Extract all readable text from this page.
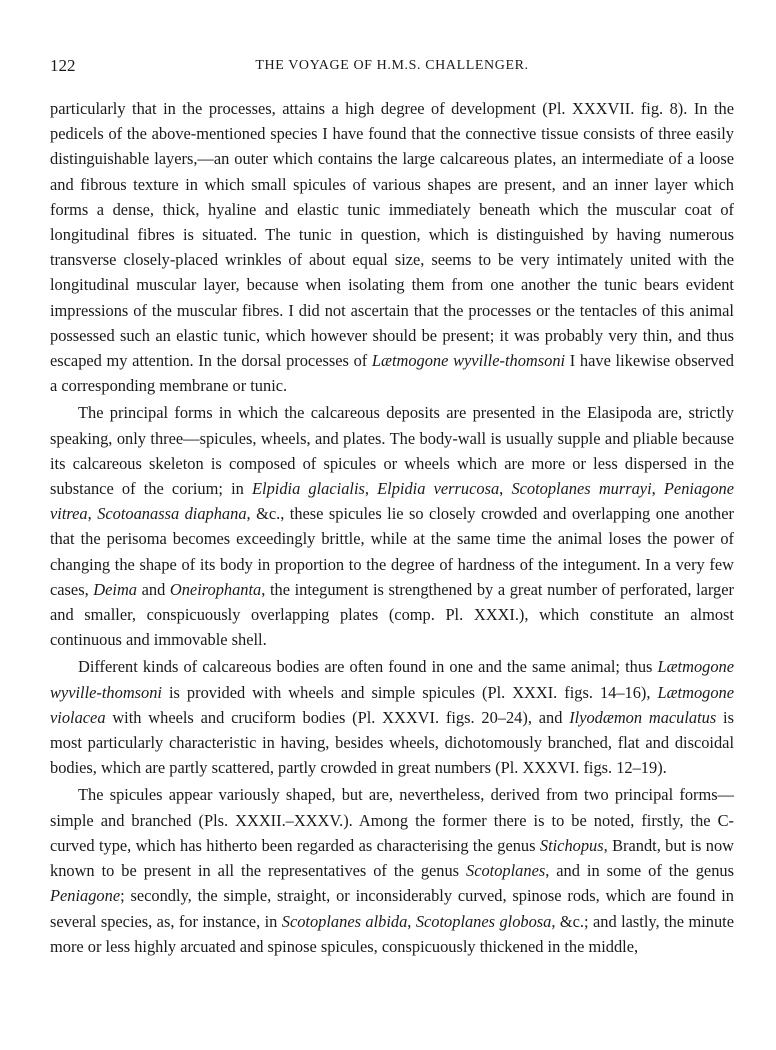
122	THE VOYAGE OF H.M.S. CHALLENGER.

particularly that in the processes, attains a high degree of development (Pl. XXXVII. fig. 8). In the pedicels of the above-mentioned species I have found that the connective tissue consists of three easily distinguishable layers,—an outer which contains the large calcareous plates, an intermediate of a loose and fibrous texture in which small spicules of various shapes are present, and an inner layer which forms a dense, thick, hyaline and elastic tunic immediately beneath which the muscular coat of longitudinal fibres is situated. The tunic in question, which is distinguished by having numerous transverse closely-placed wrinkles of about equal size, seems to be very intimately united with the longitudinal muscular layer, because when isolating them from one another the tunic bears evident impressions of the muscular fibres. I did not ascertain that the processes or the tentacles of this animal possessed such an elastic tunic, which however should be present; it was probably very thin, and thus escaped my attention. In the dorsal processes of Lætmogone wyville-thomsoni I have likewise observed a corresponding membrane or tunic.

The principal forms in which the calcareous deposits are presented in the Elasipoda are, strictly speaking, only three—spicules, wheels, and plates. The body-wall is usually supple and pliable because its calcareous skeleton is composed of spicules or wheels which are more or less dispersed in the substance of the corium; in Elpidia glacialis, Elpidia verrucosa, Scotoplanes murrayi, Peniagone vitrea, Scotoanassa diaphana, &c., these spicules lie so closely crowded and overlapping one another that the perisoma becomes exceedingly brittle, while at the same time the animal loses the power of changing the shape of its body in proportion to the degree of hardness of the integument. In a very few cases, Deima and Oneirophanta, the integument is strengthened by a great number of perforated, larger and smaller, conspicuously overlapping plates (comp. Pl. XXXI.), which constitute an almost continuous and immovable shell.

Different kinds of calcareous bodies are often found in one and the same animal; thus Lætmogone wyville-thomsoni is provided with wheels and simple spicules (Pl. XXXI. figs. 14–16), Lætmogone violacea with wheels and cruciform bodies (Pl. XXXVI. figs. 20–24), and Ilyodæmon maculatus is most particularly characteristic in having, besides wheels, dichotomously branched, flat and discoidal bodies, which are partly scattered, partly crowded in great numbers (Pl. XXXVI. figs. 12–19).

The spicules appear variously shaped, but are, nevertheless, derived from two principal forms—simple and branched (Pls. XXXII.–XXXV.). Among the former there is to be noted, firstly, the C-curved type, which has hitherto been regarded as characterising the genus Stichopus, Brandt, but is now known to be present in all the representatives of the genus Scotoplanes, and in some of the genus Peniagone; secondly, the simple, straight, or inconsiderably curved, spinose rods, which are found in several species, as, for instance, in Scotoplanes albida, Scotoplanes globosa, &c.; and lastly, the minute more or less highly arcuated and spinose spicules, conspicuously thickened in the middle,
